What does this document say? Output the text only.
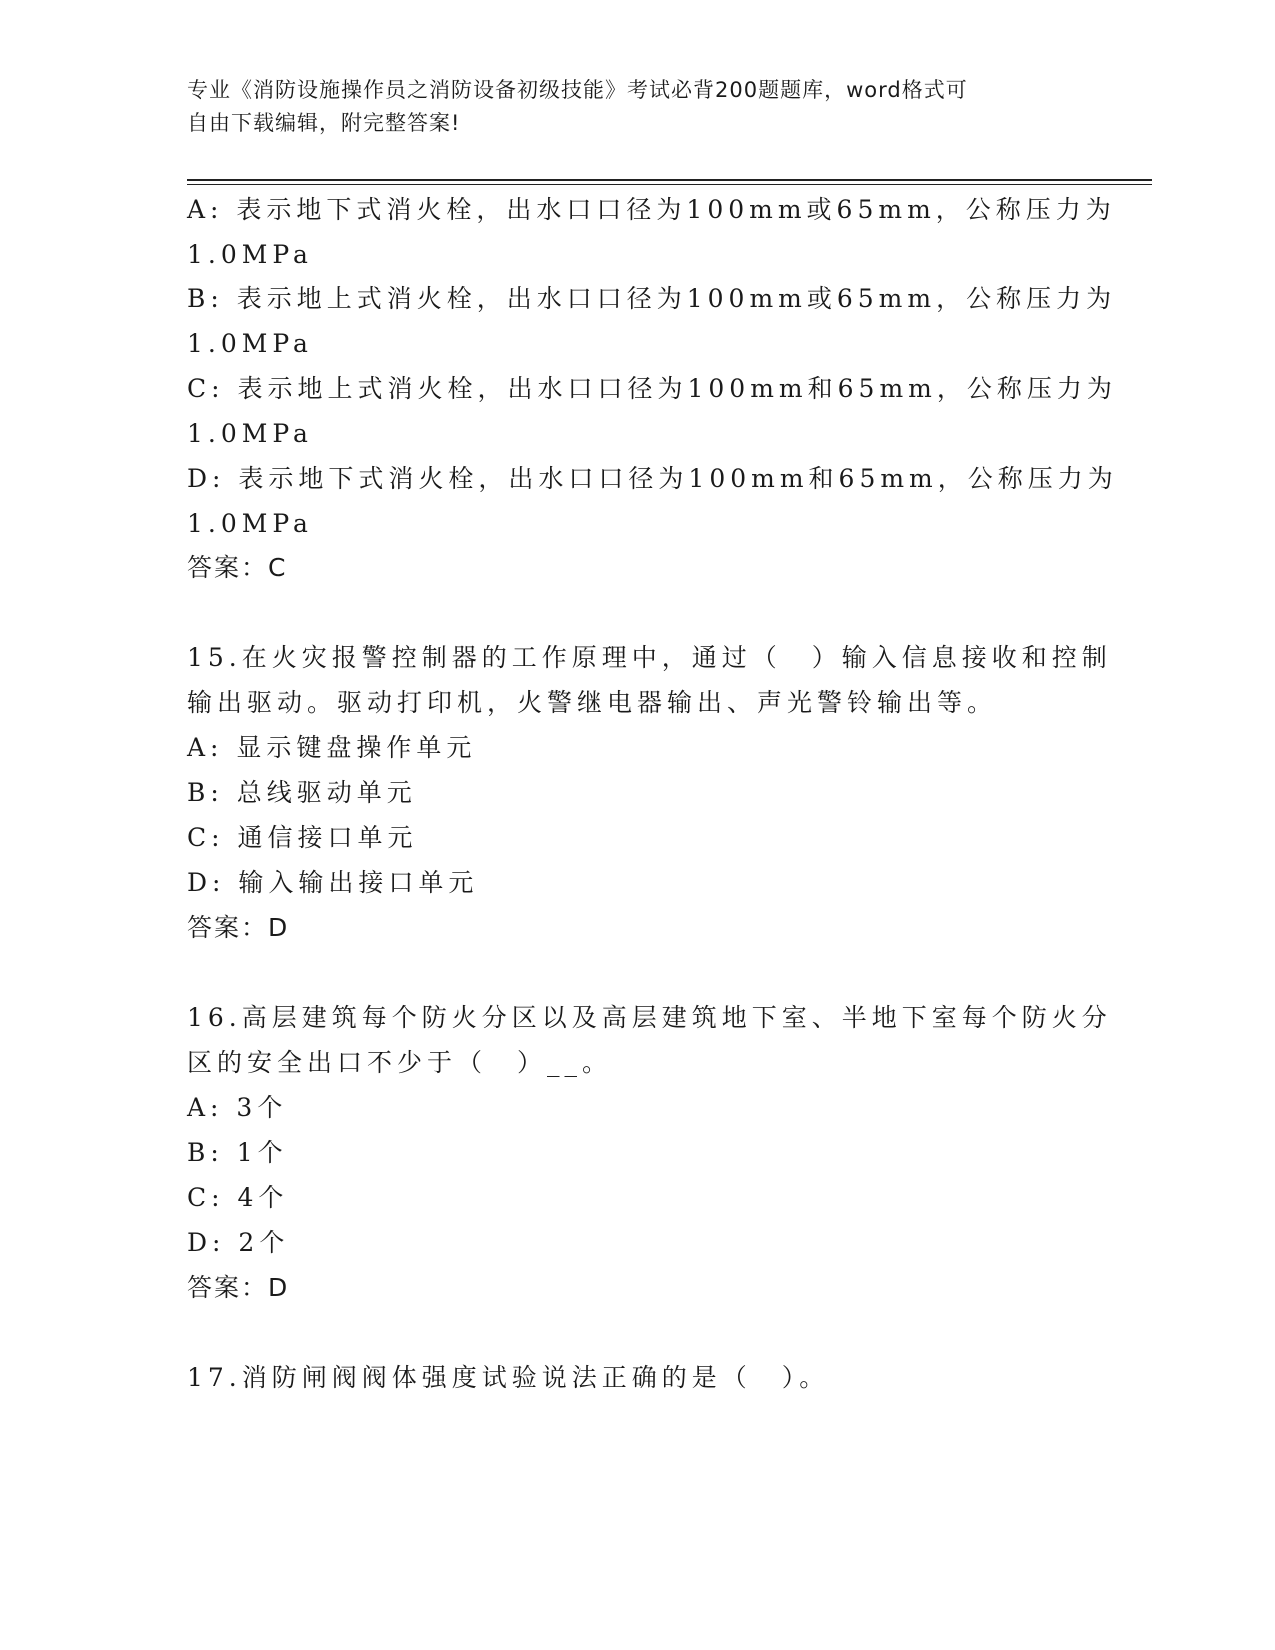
专业《消防设施操作员之消防设备初级技能》考试必背200题题库，word格式可
自由下载编辑，附完整答案!
A: 表示地下式消火栓，出水口口径为100mm或65mm，公称压力为
1.0MPa
B: 表示地上式消火栓，出水口口径为100mm或65mm，公称压力为
1.0MPa
C: 表示地上式消火栓，出水口口径为100mm和65mm，公称压力为
1.0MPa
D: 表示地下式消火栓，出水口口径为100mm和65mm，公称压力为
1.0MPa
答案：C
15.在火灾报警控制器的工作原理中，通过（　）输入信息接收和控制
输出驱动。驱动打印机，火警继电器输出、声光警铃输出等。
A: 显示键盘操作单元
B: 总线驱动单元
C: 通信接口单元
D: 输入输出接口单元
答案：D
16.高层建筑每个防火分区以及高层建筑地下室、半地下室每个防火分
区的安全出口不少于（　）__。
A: 3个
B: 1个
C: 4个
D: 2个
答案：D
17.消防闸阀阀体强度试验说法正确的是（　）。
